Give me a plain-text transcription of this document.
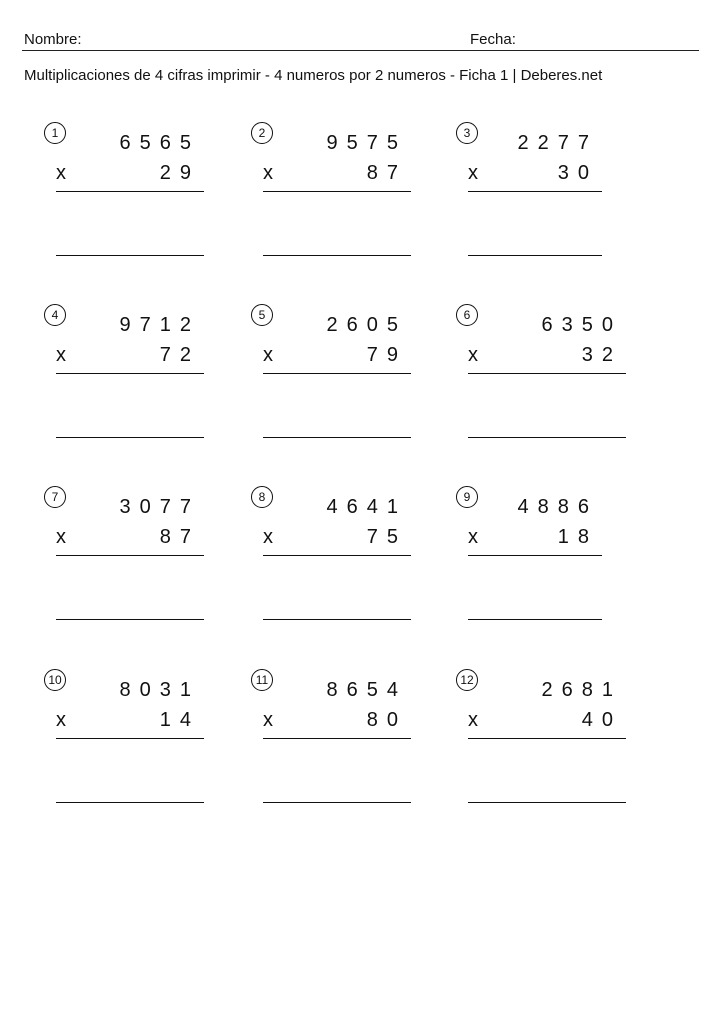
Nombre:	Fecha:
Multiplicaciones de 4 cifras imprimir - 4 numeros por 2 numeros - Ficha 1 | Deberes.net
1	6565
x	29
2	9575
x	87
3	2277
x	30
4	9712
x	72
5	2605
x	79
6	6350
x	32
7	3077
x	87
8	4641
x	75
9	4886
x	18
10	8031
x	14
11	8654
x	80
12	2681
x	40
